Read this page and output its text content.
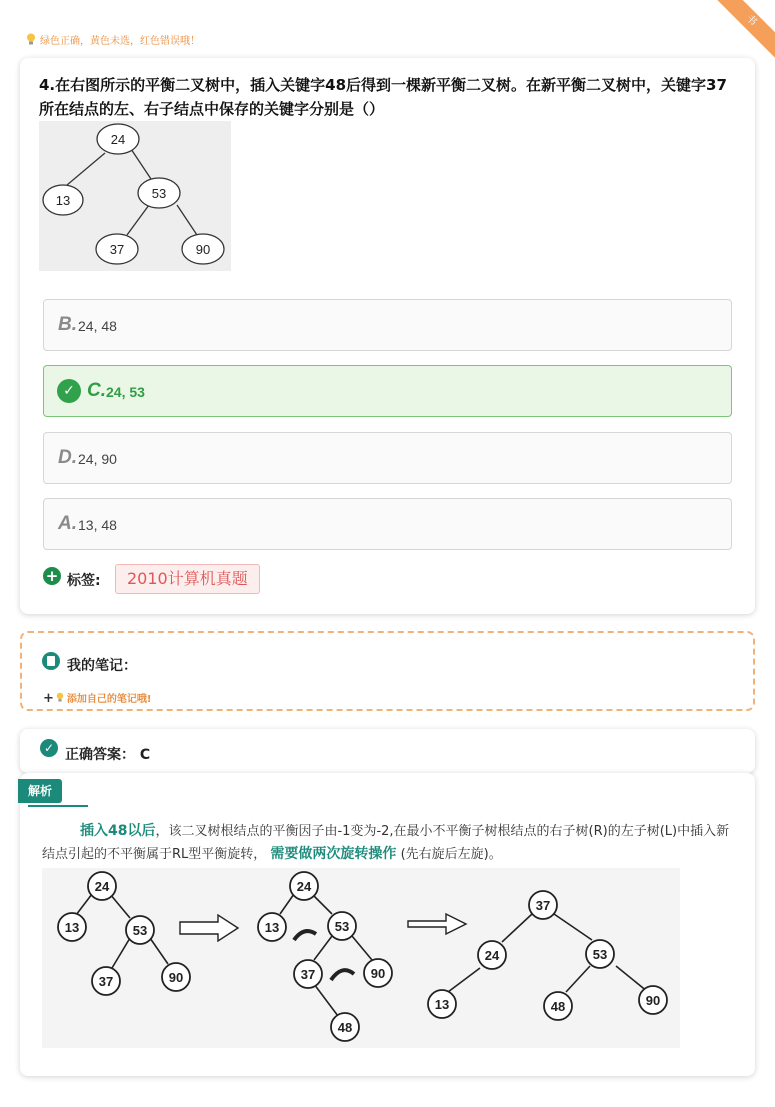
书
绿色正确，黄色未选，红色错误哦！
4.在右图所示的平衡二叉树中，插入关键字48后得到一棵新平衡二叉树。在新平衡二叉树中，关键字37所在结点的左、右子结点中保存的关键字分别是（）
24
13	53
37	90
B. 24, 48
✓ C. 24, 53
D. 24, 90
A. 13, 48
+ 标签:	2010计算机真题
我的笔记：
+ 添加自己的笔记哦!
✓ 正确答案： C
解析
插入48以后，该二叉树根结点的平衡因子由-1变为-2,在最小不平衡子树根结点的右子树(R)的左子树(L)中插入新结点引起的不平衡属于RL型平衡旋转， 需要做两次旋转操作 (先右旋后左旋)。
24
13	53
37	90
24
13	53
37	90
48
37
24	53
13	48	90
